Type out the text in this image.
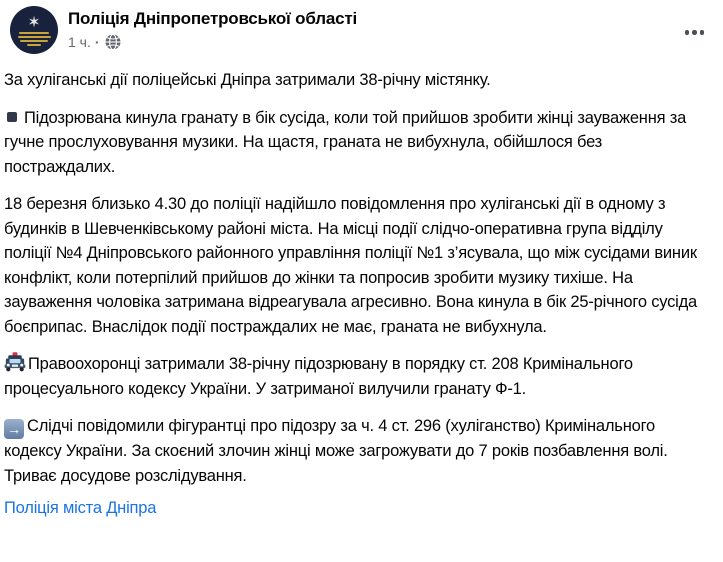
✶ Поліція Дніпропетровської області
1 ч. ·

За хуліганські дії поліцейські Дніпра затримали 38-річну містянку.

Підозрювана кинула гранату в бік сусіда, коли той прийшов зробити жінці зауваження за гучне прослуховування музики. На щастя, граната не вибухнула, обійшлося без постраждалих.

18 березня близько 4.30 до поліції надійшло повідомлення про хуліганські дії в одному з будинків в Шевченківському районі міста. На місці події слідчо-оперативна група відділу поліції №4 Дніпровського районного управління поліції №1 з’ясувала, що між сусідами виник конфлікт, коли потерпілий прийшов до жінки та попросив зробити музику тихіше. На зауваження чоловіка затримана відреагувала агресивно. Вона кинула в бік 25-річного сусіда боєприпас. Внаслідок події постраждалих не має, граната не вибухнула.

Правоохоронці затримали 38-річну підозрювану в порядку ст. 208 Кримінального процесуального кодексу України. У затриманої вилучили гранату Ф-1.

→ Слідчі повідомили фігурантці про підозру за ч. 4 ст. 296 (хуліганство) Кримінального кодексу України. За скоєний злочин жінці може загрожувати до 7 років позбавлення волі. Триває досудове розслідування.

Поліція міста Дніпра
